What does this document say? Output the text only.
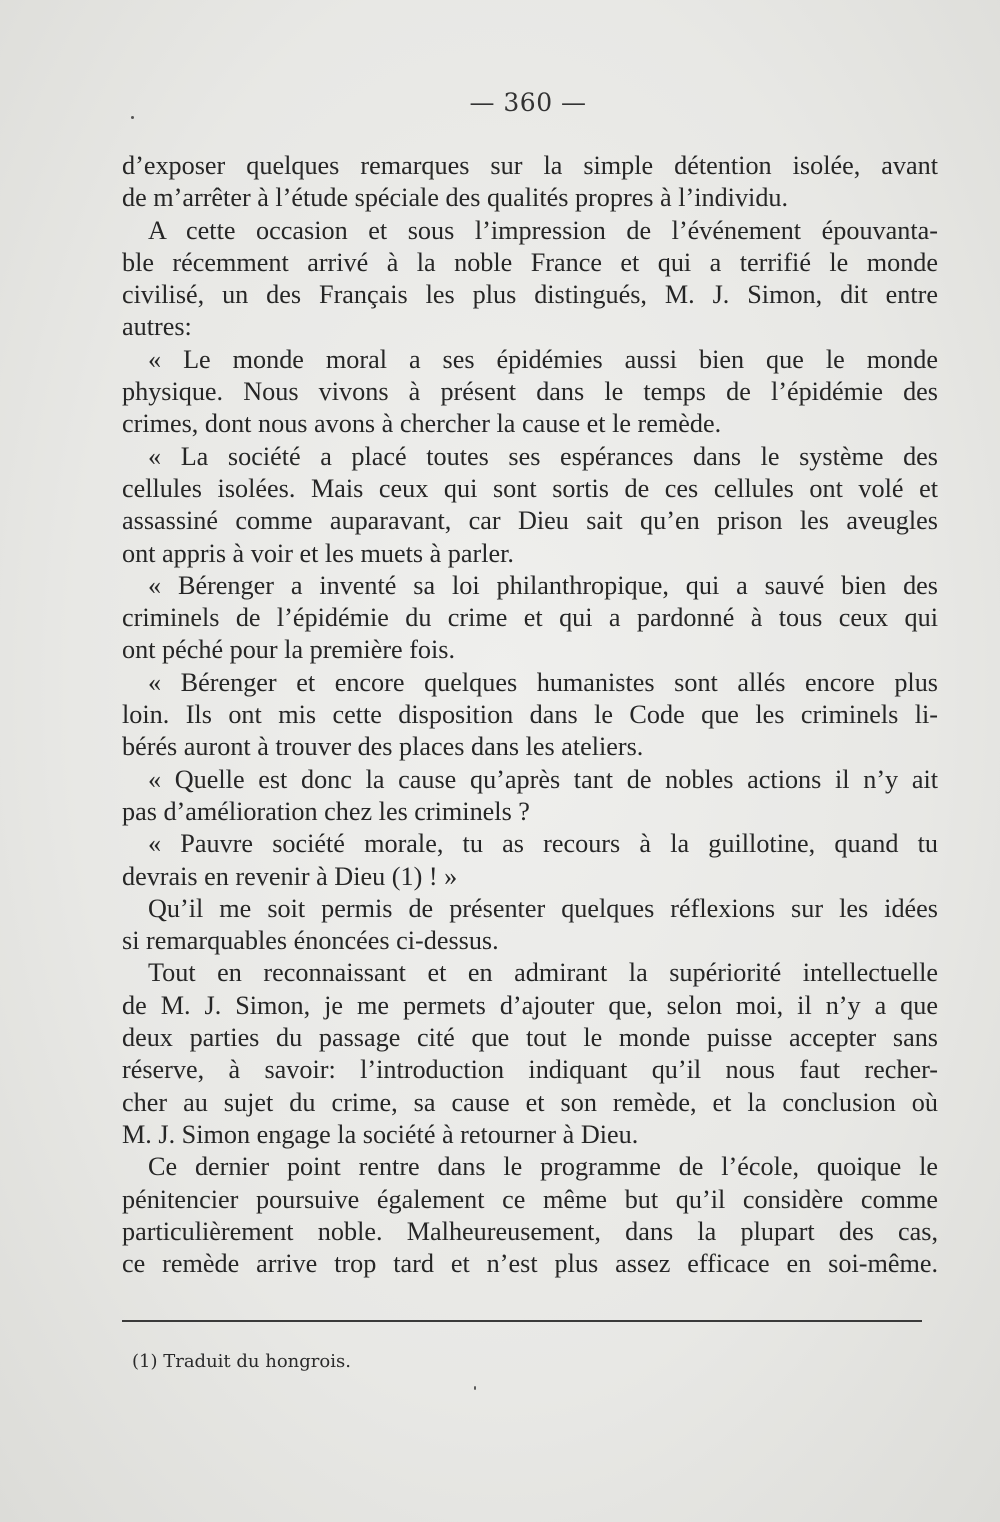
— 360 —
d’exposer quelques remarques sur la simple détention isolée, avant
de m’arrêter à l’étude spéciale des qualités propres à l’individu.
A cette occasion et sous l’impression de l’événement épouvanta-
ble récemment arrivé à la noble France et qui a terrifié le monde
civilisé, un des Français les plus distingués, M. J. Simon, dit entre
autres:
« Le monde moral a ses épidémies aussi bien que le monde
physique. Nous vivons à présent dans le temps de l’épidémie des
crimes, dont nous avons à chercher la cause et le remède.
« La société a placé toutes ses espérances dans le système des
cellules isolées. Mais ceux qui sont sortis de ces cellules ont volé et
assassiné comme auparavant, car Dieu sait qu’en prison les aveugles
ont appris à voir et les muets à parler.
« Bérenger a inventé sa loi philanthropique, qui a sauvé bien des
criminels de l’épidémie du crime et qui a pardonné à tous ceux qui
ont péché pour la première fois.
« Bérenger et encore quelques humanistes sont allés encore plus
loin. Ils ont mis cette disposition dans le Code que les criminels li-
bérés auront à trouver des places dans les ateliers.
« Quelle est donc la cause qu’après tant de nobles actions il n’y ait
pas d’amélioration chez les criminels ?
« Pauvre société morale, tu as recours à la guillotine, quand tu
devrais en revenir à Dieu (1) ! »
Qu’il me soit permis de présenter quelques réflexions sur les idées
si remarquables énoncées ci-dessus.
Tout en reconnaissant et en admirant la supériorité intellectuelle
de M. J. Simon, je me permets d’ajouter que, selon moi, il n’y a que
deux parties du passage cité que tout le monde puisse accepter sans
réserve, à savoir: l’introduction indiquant qu’il nous faut recher-
cher au sujet du crime, sa cause et son remède, et la conclusion où
M. J. Simon engage la société à retourner à Dieu.
Ce dernier point rentre dans le programme de l’école, quoique le
pénitencier poursuive également ce même but qu’il considère comme
particulièrement noble. Malheureusement, dans la plupart des cas,
ce remède arrive trop tard et n’est plus assez efficace en soi-même.
(1) Traduit du hongrois.
